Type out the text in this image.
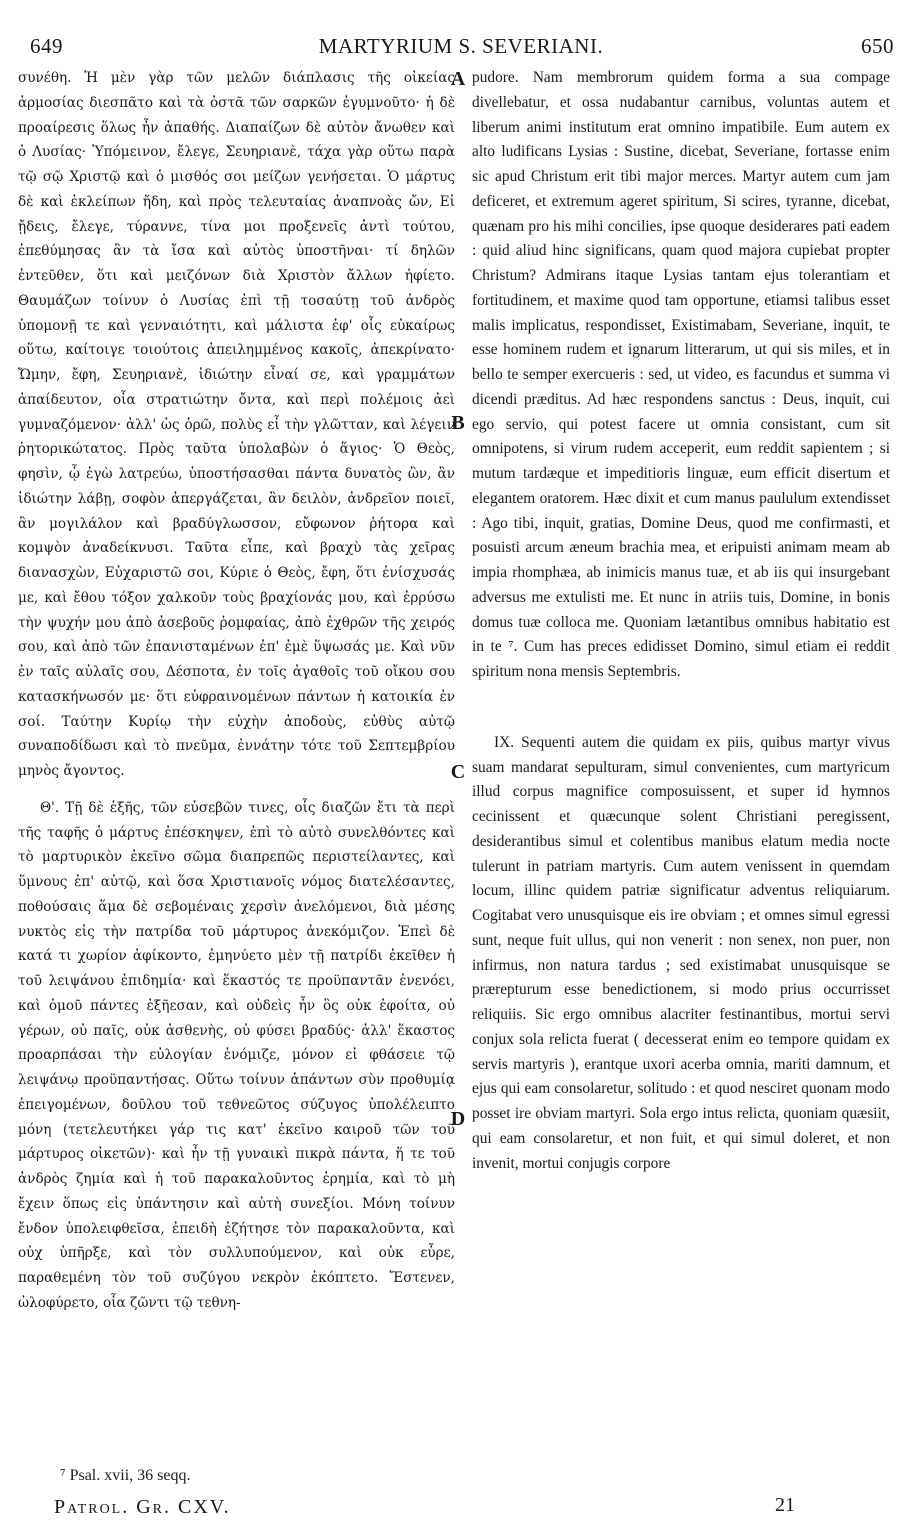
649	MARTYRIUM S. SEVERIANI.	650

συνέθη. Ἡ μὲν γὰρ τῶν μελῶν διάπλασις τῆς οἰκείας ἁρμοσίας διεσπᾶτο καὶ τὰ ὀστᾶ τῶν σαρκῶν ἐγυμνοῦτο· ἡ δὲ προαίρεσις ὅλως ἦν ἀπαθής. Διαπαίζων δὲ αὐτὸν ἄνωθεν καὶ ὁ Λυσίας· Ὑπόμεινον, ἔλεγε, Σευηριανὲ, τάχα γὰρ οὕτω παρὰ τῷ σῷ Χριστῷ καὶ ὁ μισθός σοι μείζων γενήσεται. Ὁ μάρτυς δὲ καὶ ἐκλείπων ἤδη, καὶ πρὸς τελευταίας ἀναπνοὰς ὤν, Εἰ ᾔδεις, ἔλεγε, τύραννε, τίνα μοι προξενεῖς ἀντὶ τούτου, ἐπεθύμησας ἂν τὰ ἴσα καὶ αὐτὸς ὑποστῆναι· τί δηλῶν ἐντεῦθεν, ὅτι καὶ μειζόνων διὰ Χριστὸν ἄλλων ἠφίετο. Θαυμάζων τοίνυν ὁ Λυσίας ἐπὶ τῇ τοσαύτῃ τοῦ ἀνδρὸς ὑπομονῇ τε καὶ γενναιότητι, καὶ μάλιστα ἐφ' οἷς εὐκαίρως οὕτω, καίτοιγε τοιούτοις ἀπειλημμένος κακοῖς, ἀπεκρίνατο· Ὤμην, ἔφη, Σευηριανὲ, ἰδιώτην εἶναί σε, καὶ γραμμάτων ἀπαίδευτον, οἷα στρατιώτην ὄντα, καὶ περὶ πολέμοις ἀεὶ γυμναζόμενον· ἀλλ' ὡς ὁρῶ, πολὺς εἶ τὴν γλῶτταν, καὶ λέγειν ῥητορικώτατος. Πρὸς ταῦτα ὑπολαβὼν ὁ ἅγιος· Ὁ Θεὸς, φησὶν, ᾧ ἐγὼ λατρεύω, ὑποστήσασθαι πάντα δυνατὸς ὢν, ἂν ἰδιώτην λάβῃ, σοφὸν ἀπεργάζεται, ἂν δειλὸν, ἀνδρεῖον ποιεῖ, ἂν μογιλάλον καὶ βραδύγλωσσον, εὔφωνον ῥήτορα καὶ κομψὸν ἀναδείκνυσι. Ταῦτα εἶπε, καὶ βραχὺ τὰς χεῖρας διανασχὼν, Εὐχαριστῶ σοι, Κύριε ὁ Θεὸς, ἔφη, ὅτι ἐνίσχυσάς με, καὶ ἔθου τόξον χαλκοῦν τοὺς βραχίονάς μου, καὶ ἐρρύσω τὴν ψυχήν μου ἀπὸ ἀσεβοῦς ῥομφαίας, ἀπὸ ἐχθρῶν τῆς χειρός σου, καὶ ἀπὸ τῶν ἐπανισταμένων ἐπ' ἐμὲ ὕψωσάς με. Καὶ νῦν ἐν ταῖς αὐλαῖς σου, Δέσποτα, ἐν τοῖς ἀγαθοῖς τοῦ οἴκου σου κατασκήνωσόν με· ὅτι εὐφραινομένων πάντων ἡ κατοικία ἐν σοί. Ταύτην Κυρίῳ τὴν εὐχὴν ἀποδοὺς, εὐθὺς αὐτῷ συναποδίδωσι καὶ τὸ πνεῦμα, ἐννάτην τότε τοῦ Σεπτεμβρίου μηνὸς ἄγοντος.

Θ'. Τῇ δὲ ἑξῆς, τῶν εὐσεβῶν τινες, οἷς διαζῶν ἔτι τὰ περὶ τῆς ταφῆς ὁ μάρτυς ἐπέσκηψεν, ἐπὶ τὸ αὐτὸ συνελθόντες καὶ τὸ μαρτυρικὸν ἐκεῖνο σῶμα διαπρεπῶς περιστείλαντες, καὶ ὕμνους ἐπ' αὐτῷ, καὶ ὅσα Χριστιανοῖς νόμος διατελέσαντες, ποθούσαις ἅμα δὲ σεβομέναις χερσὶν ἀνελόμενοι, διὰ μέσης νυκτὸς εἰς τὴν πατρίδα τοῦ μάρτυρος ἀνεκόμιζον. Ἐπεὶ δὲ κατά τι χωρίον ἀφίκοντο, ἐμηνύετο μὲν τῇ πατρίδι ἐκεῖθεν ἡ τοῦ λειψάνου ἐπιδημία· καὶ ἕκαστός τε προϋπαντᾶν ἐνενόει, καὶ ὁμοῦ πάντες ἐξῆεσαν, καὶ οὐδεὶς ἦν ὃς οὐκ ἐφοίτα, οὐ γέρων, οὐ παῖς, οὐκ ἀσθενὴς, οὐ φύσει βραδύς· ἀλλ' ἕκαστος προαρπάσαι τὴν εὐλογίαν ἐνόμιζε, μόνον εἰ φθάσειε τῷ λειψάνῳ προϋπαντήσας. Οὕτω τοίνυν ἁπάντων σὺν προθυμίᾳ ἐπειγομένων, δοῦλου τοῦ τεθνεῶτος σύζυγος ὑπολέλειπτο μόνη (τετελευτήκει γάρ τις κατ' ἐκεῖνο καιροῦ τῶν τοῦ μάρτυρος οἰκετῶν)· καὶ ἦν τῇ γυναικὶ πικρὰ πάντα, ἥ τε τοῦ ἀνδρὸς ζημία καὶ ἡ τοῦ παρακαλοῦντος ἐρημία, καὶ τὸ μὴ ἔχειν ὅπως εἰς ὑπάντησιν καὶ αὐτὴ συνεξίοι. Μόνη τοίνυν ἔνδον ὑπολειφθεῖσα, ἐπειδὴ ἐζήτησε τὸν παρακαλοῦντα, καὶ οὐχ ὑπῆρξε, καὶ τὸν συλλυπούμενον, καὶ οὐκ εὗρε, παραθεμένη τὸν τοῦ συζύγου νεκρὸν ἐκόπτετο. Ἔστενεν, ὠλοφύρετο, οἷα ζῶντι τῷ τεθνη-

pudore. Nam membrorum quidem forma a sua compage divellebatur, et ossa nudabantur carnibus, voluntas autem et liberum animi institutum erat omnino impatibile. Eum autem ex alto ludificans Lysias : Sustine, dicebat, Severiane, fortasse enim sic apud Christum erit tibi major merces. Martyr autem cum jam deficeret, et extremum ageret spiritum, Si scires, tyranne, dicebat, quænam pro his mihi concilies, ipse quoque desiderares pati eadem : quid aliud hinc significans, quam quod majora cupiebat propter Christum? Admirans itaque Lysias tantam ejus tolerantiam et fortitudinem, et maxime quod tam opportune, etiamsi talibus esset malis implicatus, respondisset, Existimabam, Severiane, inquit, te esse hominem rudem et ignarum litterarum, ut qui sis miles, et in bello te semper exercueris : sed, ut video, es facundus et summa vi dicendi præditus. Ad hæc respondens sanctus : Deus, inquit, cui ego servio, qui potest facere ut omnia consistant, cum sit omnipotens, si virum rudem acceperit, eum reddit sapientem ; si mutum tardæque et impeditioris linguæ, eum efficit disertum et elegantem oratorem. Hæc dixit et cum manus paululum extendisset : Ago tibi, inquit, gratias, Domine Deus, quod me confirmasti, et posuisti arcum æneum brachia mea, et eripuisti animam meam ab impia rhomphæa, ab inimicis manus tuæ, et ab iis qui insurgebant adversus me extulisti me. Et nunc in atriis tuis, Domine, in bonis domus tuæ colloca me. Quoniam lætantibus omnibus habitatio est in te ⁷. Cum has preces edidisset Domino, simul etiam ei reddit spiritum nona mensis Septembris.

IX. Sequenti autem die quidam ex piis, quibus martyr vivus suam mandarat sepulturam, simul convenientes, cum martyricum illud corpus magnifice composuissent, et super id hymnos cecinissent et quæcunque solent Christiani peregissent, desiderantibus simul et colentibus manibus elatum media nocte tulerunt in patriam martyris. Cum autem venissent in quemdam locum, illinc quidem patriæ significatur adventus reliquiarum. Cogitabat vero unusquisque eis ire obviam ; et omnes simul egressi sunt, neque fuit ullus, qui non venerit : non senex, non puer, non infirmus, non natura tardus ; sed existimabat unusquisque se prærepturum esse benedictionem, si modo prius occurrisset reliquiis. Sic ergo omnibus alacriter festinantibus, mortui servi conjux sola relicta fuerat ( decesserat enim eo tempore quidam ex servis martyris ), erantque uxori acerba omnia, mariti damnum, et ejus qui eam consolaretur, solitudo : et quod nesciret quonam modo posset ire obviam martyri. Sola ergo intus relicta, quoniam quæsiit, qui eam consolaretur, et non fuit, et qui simul doleret, et non invenit, mortui conjugis corpore

A
B
C
D
⁷ Psal. xvii, 36 seqq.
Patrol. Gr. CXV.	21
